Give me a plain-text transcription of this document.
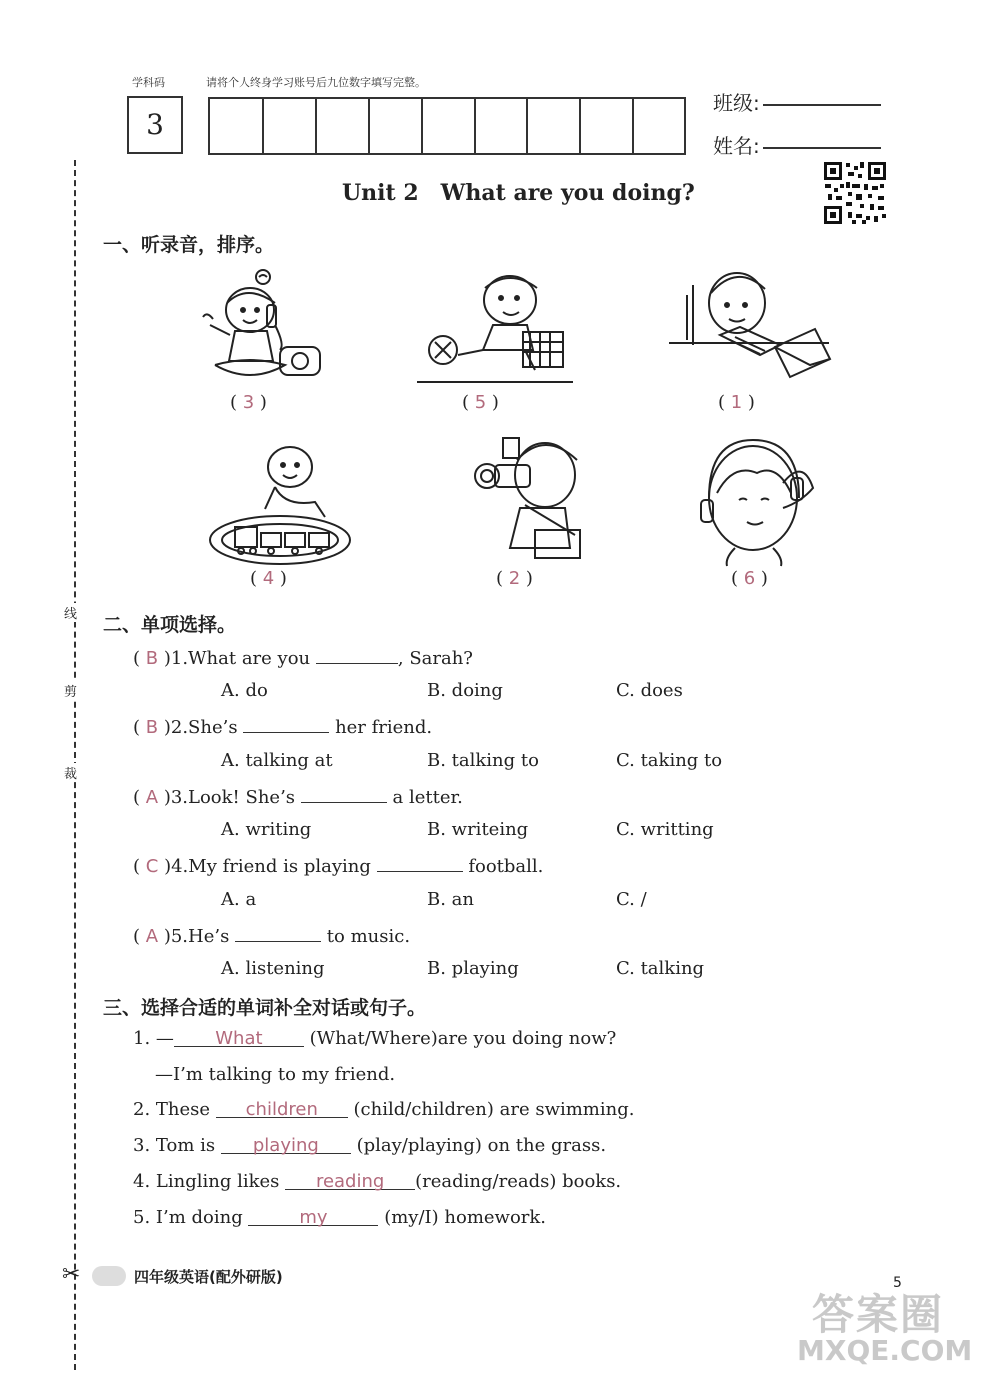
学科码	请将个人终身学习账号后九位数字填写完整。
3
班级:
姓名:
Unit 2　What are you doing?
线
剪
裁
✂
一、听录音，排序。
( 3 )	( 5 )	( 1 )
( 4 )	( 2 )	( 6 )
二、单项选择。
( B )1.What are you	, Sarah?
A. do	B. doing	C. does
( B )2.She’s	her friend.
A. talking at	B. talking to	C. taking to
( A )3.Look! She’s	a letter.
A. writing	B. writeing	C. writting
( C )4.My friend is playing	football.
A. a	B. an	C. /
( A )5.He’s	to music.
A. listening	B. playing	C. talking
三、选择合适的单词补全对话或句子。
1. — What	(What/Where)are you doing now?
—I’m talking to my friend.
2. These children (child/children) are swimming.
3. Tom is playing (play/playing) on the grass.
4. Lingling likes reading (reading/reads) books.
5. I’m doing	my	(my/I) homework.
四年级英语(配外研版)	5
答案圈
MXQE.COM
